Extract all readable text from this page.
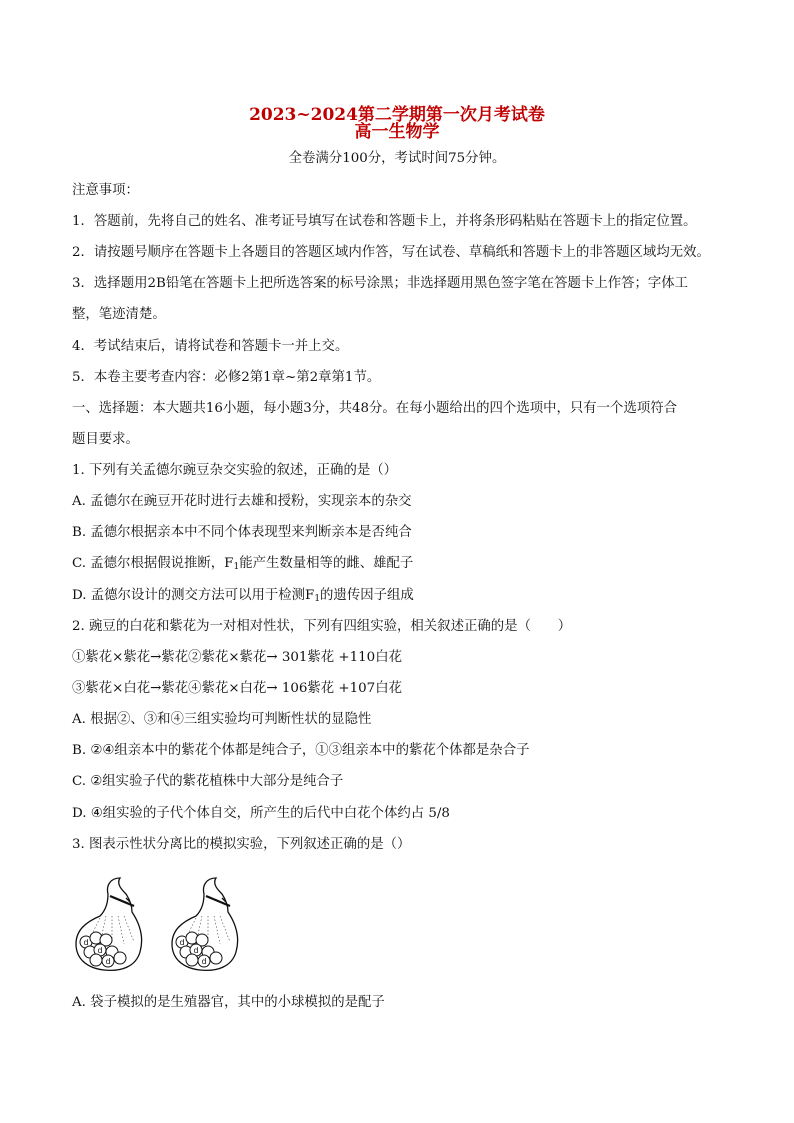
2023~2024第二学期第一次月考试卷
高一生物学
全卷满分100分，考试时间75分钟。
注意事项：
1．答题前，先将自己的姓名、准考证号填写在试卷和答题卡上，并将条形码粘贴在答题卡上的指定位置。
2．请按题号顺序在答题卡上各题目的答题区域内作答，写在试卷、草稿纸和答题卡上的非答题区域均无效。
3．选择题用2B铅笔在答题卡上把所选答案的标号涂黑；非选择题用黑色签字笔在答题卡上作答；字体工
整，笔迹清楚。
4．考试结束后，请将试卷和答题卡一并上交。
5．本卷主要考查内容：必修2第1章~第2章第1节。
一、选择题：本大题共16小题，每小题3分，共48分。在每小题给出的四个选项中，只有一个选项符合
题目要求。
1. 下列有关孟德尔豌豆杂交实验的叙述，正确的是（）
A. 孟德尔在豌豆开花时进行去雄和授粉，实现亲本的杂交
B. 孟德尔根据亲本中不同个体表现型来判断亲本是否纯合
C. 孟德尔根据假说推断，$F_1$能产生数量相等的雌、雄配子
D. 孟德尔设计的测交方法可以用于检测$F_1$的遗传因子组成
2. 豌豆的白花和紫花为一对相对性状，下列有四组实验，相关叙述正确的是（　　）
①紫花×紫花→紫花②紫花×紫花→ 301紫花 +110白花
③紫花×白花→紫花④紫花×白花→ 106紫花 +107白花
A. 根据②、③和④三组实验均可判断性状的显隐性
B. ②④组亲本中的紫花个体都是纯合子，①③组亲本中的紫花个体都是杂合子
C. ②组实验子代的紫花植株中大部分是纯合子
D. ④组实验的子代个体自交，所产生的后代中白花个体约占 5/8
3. 图表示性状分离比的模拟实验，下列叙述正确的是（）
d
d
d
d
d
d
A. 袋子模拟的是生殖器官，其中的小球模拟的是配子
